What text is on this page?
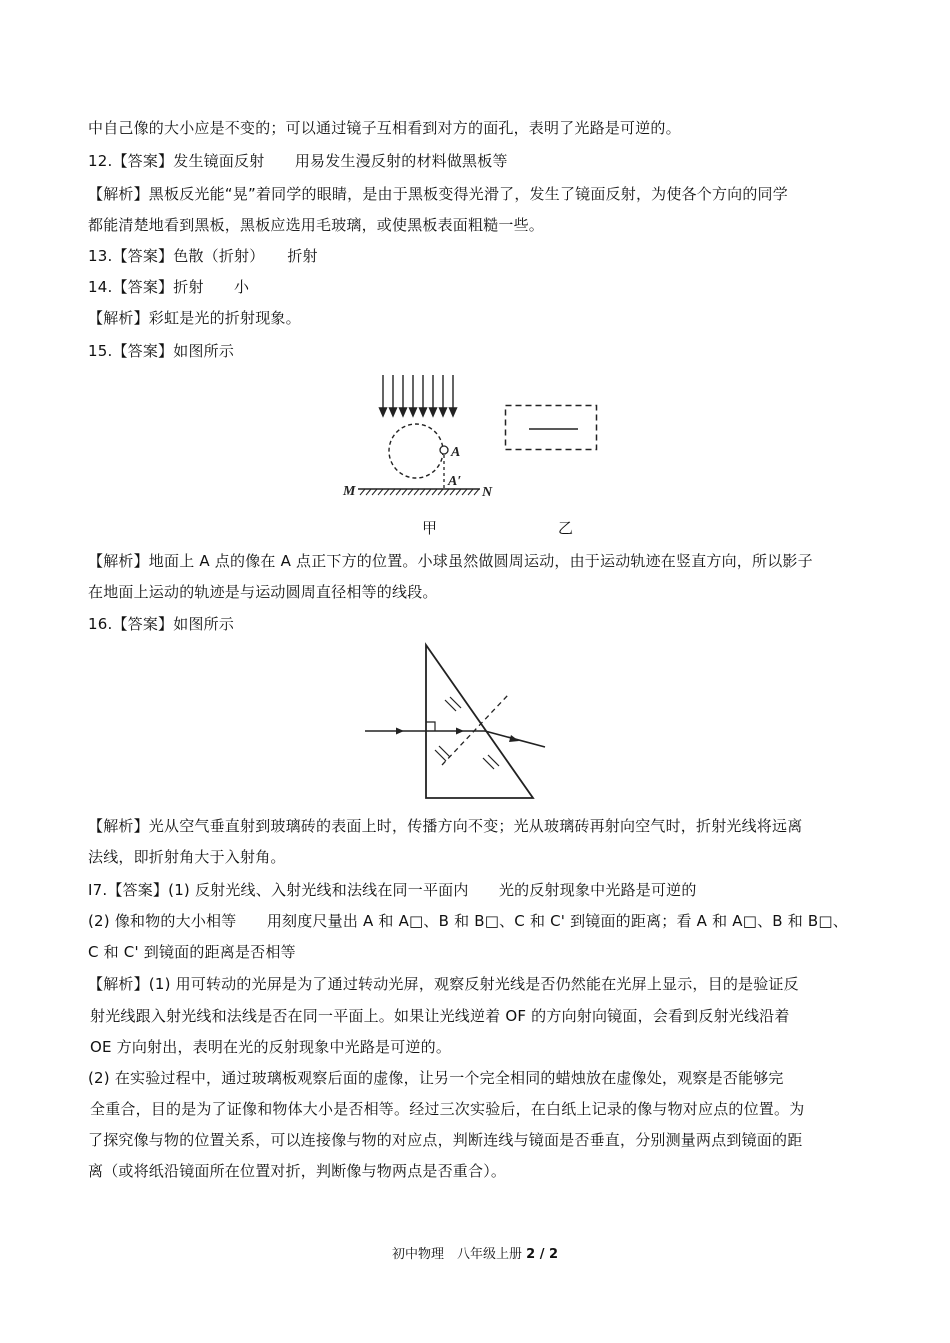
中自己像的大小应是不变的；可以通过镜子互相看到对方的面孔，表明了光路是可逆的。
12.【答案】发生镜面反射　　用易发生漫反射的材料做黑板等
【解析】黑板反光能“晃”着同学的眼睛，是由于黑板变得光滑了，发生了镜面反射，为使各个方向的同学
都能清楚地看到黑板，黑板应选用毛玻璃，或使黑板表面粗糙一些。
13.【答案】色散（折射）　　折射
14.【答案】折射　　小
【解析】彩虹是光的折射现象。
15.【答案】如图所示
A
A′
M	N
甲	乙
【解析】地面上 A 点的像在 A 点正下方的位置。小球虽然做圆周运动，由于运动轨迹在竖直方向，所以影子
在地面上运动的轨迹是与运动圆周直径相等的线段。
16.【答案】如图所示
【解析】光从空气垂直射到玻璃砖的表面上时，传播方向不变；光从玻璃砖再射向空气时，折射光线将远离
法线，即折射角大于入射角。
I7.【答案】(1) 反射光线、入射光线和法线在同一平面内　　光的反射现象中光路是可逆的
(2) 像和物的大小相等　　用刻度尺量出 A 和 A□、B 和 B□、C 和 C' 到镜面的距离；看 A 和 A□、B 和 B□、
C 和 C' 到镜面的距离是否相等
【解析】(1) 用可转动的光屏是为了通过转动光屏，观察反射光线是否仍然能在光屏上显示，目的是验证反
射光线跟入射光线和法线是否在同一平面上。如果让光线逆着 OF 的方向射向镜面，会看到反射光线沿着
OE 方向射出，表明在光的反射现象中光路是可逆的。
(2) 在实验过程中，通过玻璃板观察后面的虚像，让另一个完全相同的蜡烛放在虚像处，观察是否能够完
全重合，目的是为了证像和物体大小是否相等。经过三次实验后，在白纸上记录的像与物对应点的位置。为
了探究像与物的位置关系，可以连接像与物的对应点，判断连线与镜面是否垂直，分别测量两点到镜面的距
离（或将纸沿镜面所在位置对折，判断像与物两点是否重合）。
初中物理　八年级上册 2 / 2
